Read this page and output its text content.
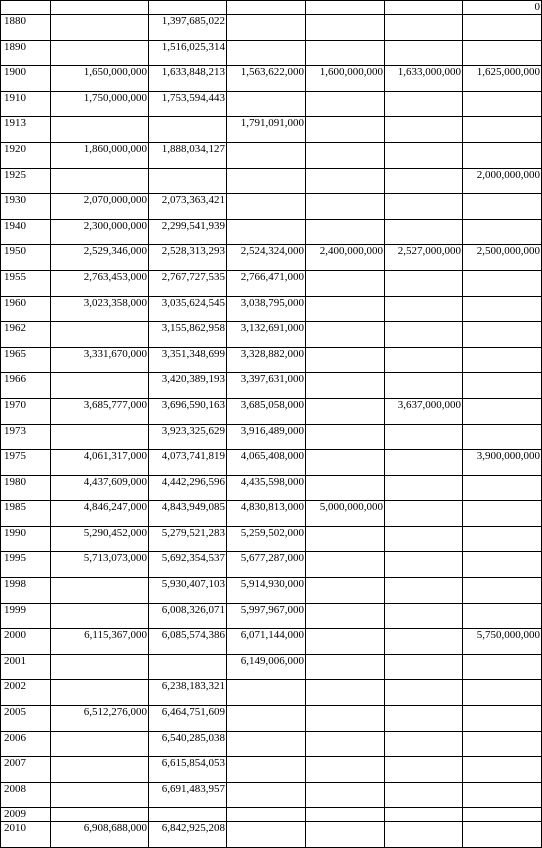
						0
1880		1,397,685,022				
1890		1,516,025,314				
1900	1,650,000,000	1,633,848,213	1,563,622,000	1,600,000,000	1,633,000,000	1,625,000,000
1910	1,750,000,000	1,753,594,443				
1913			1,791,091,000			
1920	1,860,000,000	1,888,034,127				
1925						2,000,000,000
1930	2,070,000,000	2,073,363,421				
1940	2,300,000,000	2,299,541,939				
1950	2,529,346,000	2,528,313,293	2,524,324,000	2,400,000,000	2,527,000,000	2,500,000,000
1955	2,763,453,000	2,767,727,535	2,766,471,000			
1960	3,023,358,000	3,035,624,545	3,038,795,000			
1962		3,155,862,958	3,132,691,000			
1965	3,331,670,000	3,351,348,699	3,328,882,000			
1966		3,420,389,193	3,397,631,000			
1970	3,685,777,000	3,696,590,163	3,685,058,000		3,637,000,000	
1973		3,923,325,629	3,916,489,000			
1975	4,061,317,000	4,073,741,819	4,065,408,000			3,900,000,000
1980	4,437,609,000	4,442,296,596	4,435,598,000			
1985	4,846,247,000	4,843,949,085	4,830,813,000	5,000,000,000		
1990	5,290,452,000	5,279,521,283	5,259,502,000			
1995	5,713,073,000	5,692,354,537	5,677,287,000			
1998		5,930,407,103	5,914,930,000			
1999		6,008,326,071	5,997,967,000			
2000	6,115,367,000	6,085,574,386	6,071,144,000			5,750,000,000
2001			6,149,006,000			
2002		6,238,183,321				
2005	6,512,276,000	6,464,751,609				
2006		6,540,285,038				
2007		6,615,854,053				
2008		6,691,483,957				
2009						
2010	6,908,688,000	6,842,925,208				
